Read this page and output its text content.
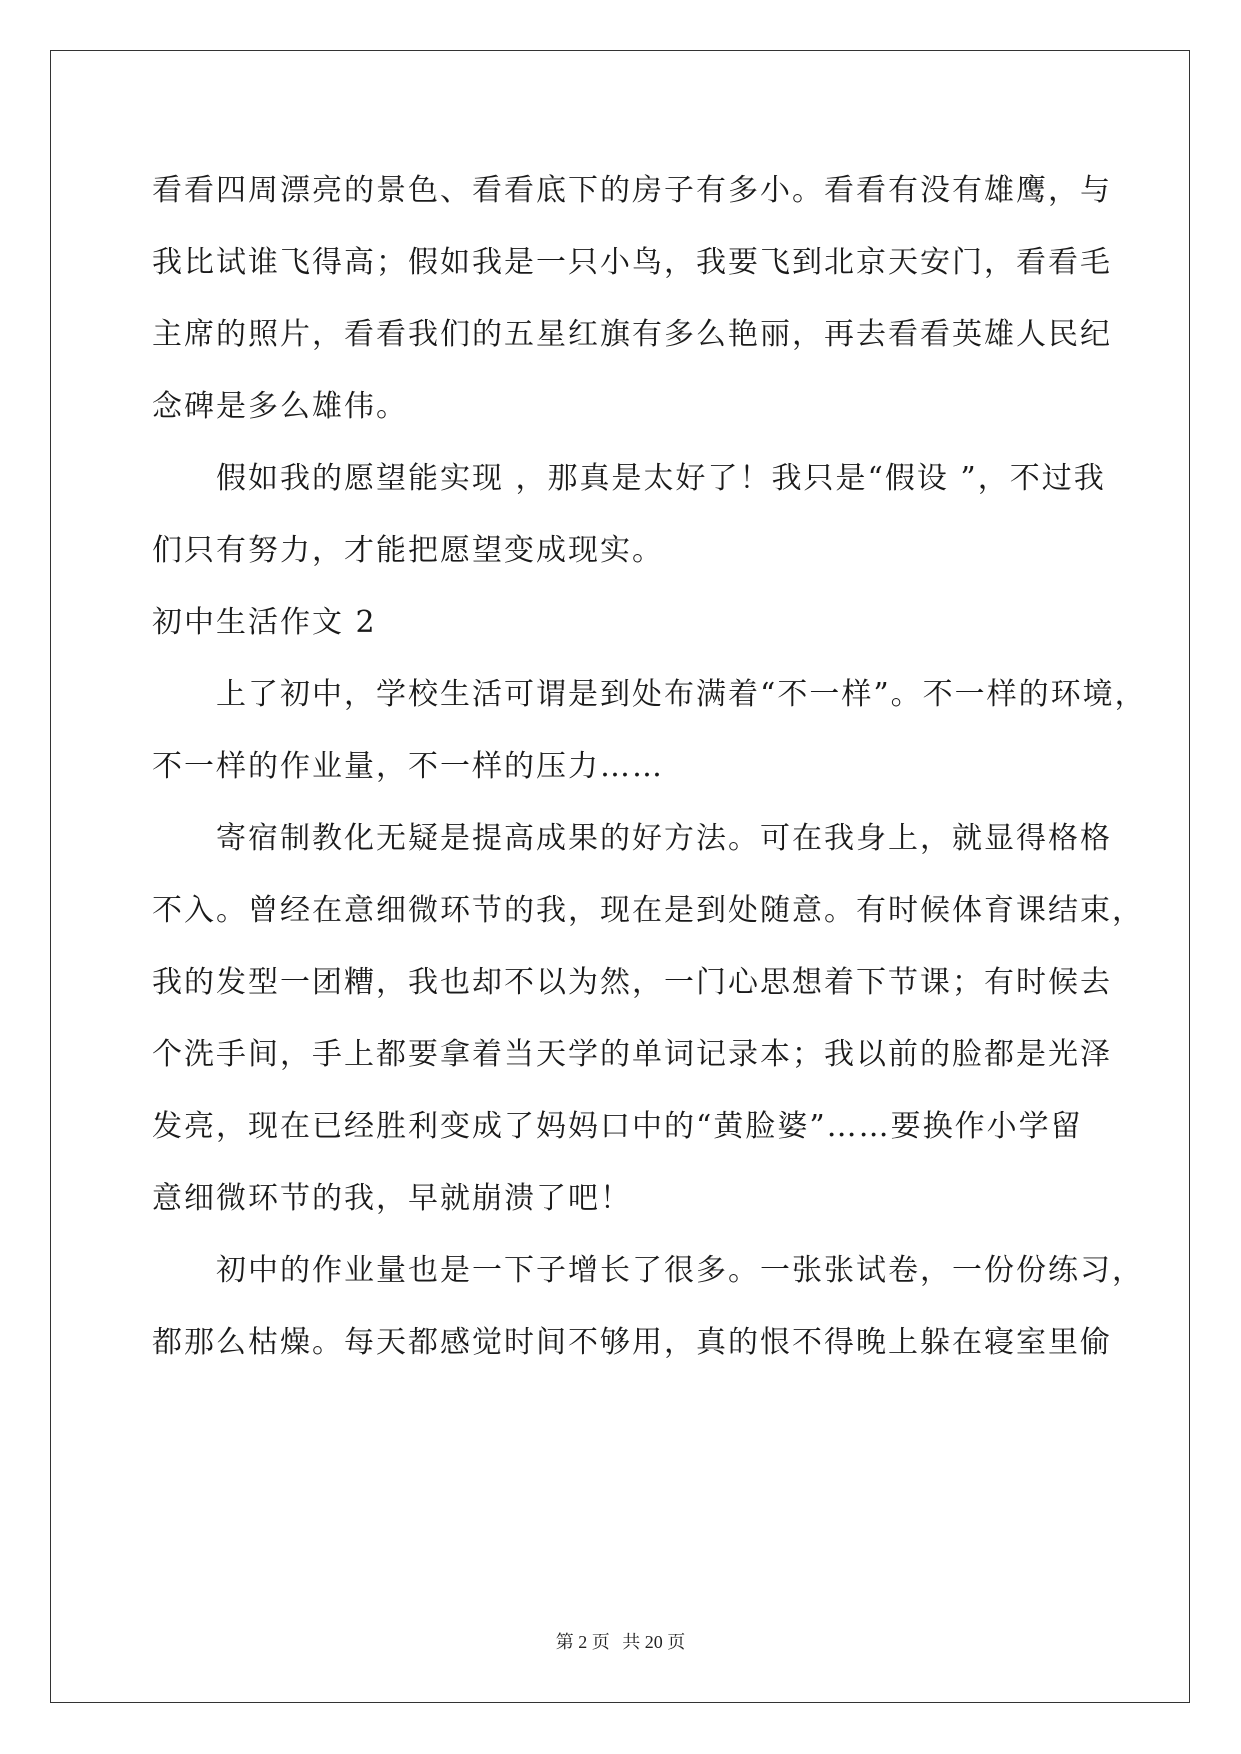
看看四周漂亮的景色、看看底下的房子有多小。看看有没有雄鹰，与
我比试谁飞得高；假如我是一只小鸟，我要飞到北京天安门，看看毛
主席的照片，看看我们的五星红旗有多么艳丽，再去看看英雄人民纪
念碑是多么雄伟。
假如我的愿望能实现 ，那真是太好了！我只是“假设 ”，不过我
们只有努力，才能把愿望变成现实。
初中生活作文 2
上了初中，学校生活可谓是到处布满着“不一样”。不一样的环境，
不一样的作业量，不一样的压力……
寄宿制教化无疑是提高成果的好方法。可在我身上，就显得格格
不入。曾经在意细微环节的我，现在是到处随意。有时候体育课结束，
我的发型一团糟，我也却不以为然，一门心思想着下节课；有时候去
个洗手间，手上都要拿着当天学的单词记录本；我以前的脸都是光泽
发亮，现在已经胜利变成了妈妈口中的“黄脸婆”……要换作小学留
意细微环节的我，早就崩溃了吧！
初中的作业量也是一下子增长了很多。一张张试卷，一份份练习，
都那么枯燥。每天都感觉时间不够用，真的恨不得晚上躲在寝室里偷
第 2 页 共 20 页
